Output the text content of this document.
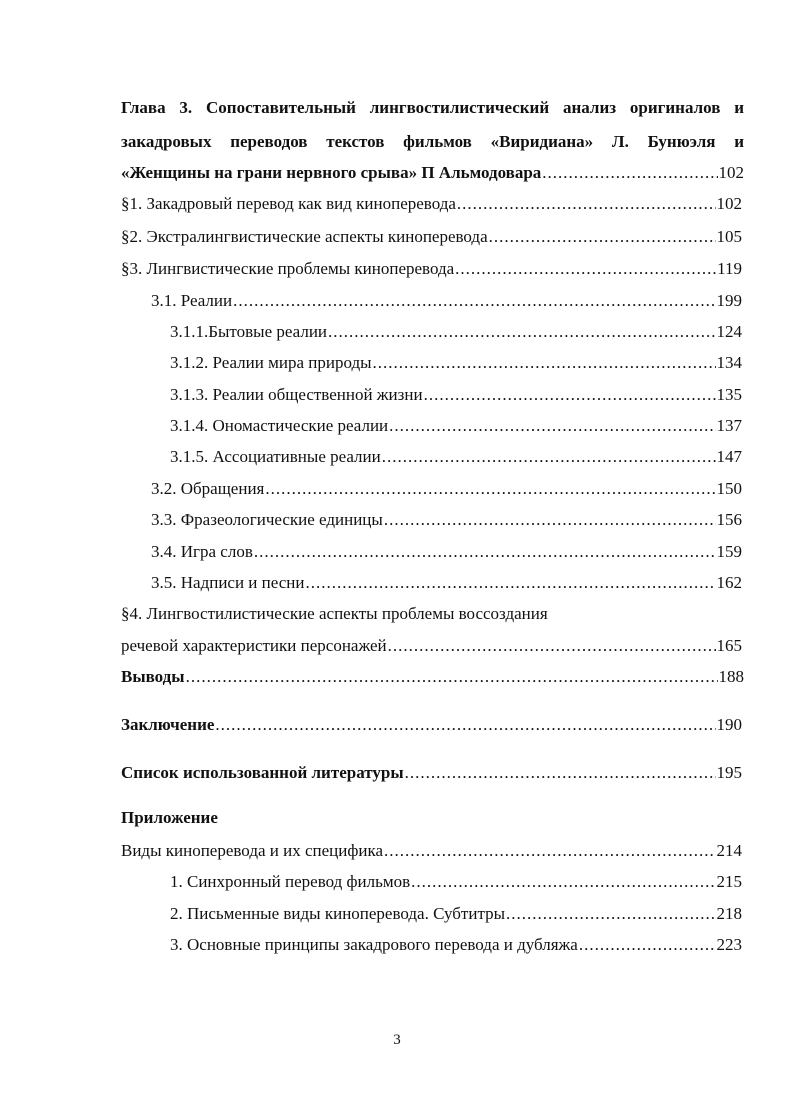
Глава 3. Сопоставительный лингвостилистический анализ оригиналов и
закадровых переводов текстов фильмов «Виридиана» Л. Бунюэля и
«Женщины на грани нервного срыва» П Альмодовара .....	102
§1. Закадровый перевод как вид киноперевода .....	102
§2. Экстралингвистические аспекты киноперевода .....	105
§3. Лингвистические проблемы киноперевода .....	119
3.1. Реалии .....	199
3.1.1.Бытовые реалии .....	124
3.1.2. Реалии мира природы .....	134
3.1.3. Реалии общественной жизни .....	135
3.1.4. Ономастические реалии .....	137
3.1.5. Ассоциативные реалии .....	147
3.2. Обращения .....	150
3.3. Фразеологические единицы .....	156
3.4. Игра слов .....	159
3.5. Надписи и песни .....	162
§4. Лингвостилистические аспекты проблемы воссоздания
речевой характеристики персонажей .....	165
Выводы .....	188
Заключение .....	190
Список использованной литературы .....	195
Приложение
Виды киноперевода и их специфика .....	214
1. Синхронный перевод фильмов .....	215
2. Письменные виды киноперевода. Субтитры .....	218
3. Основные принципы закадрового перевода и дубляжа .....	223
3
